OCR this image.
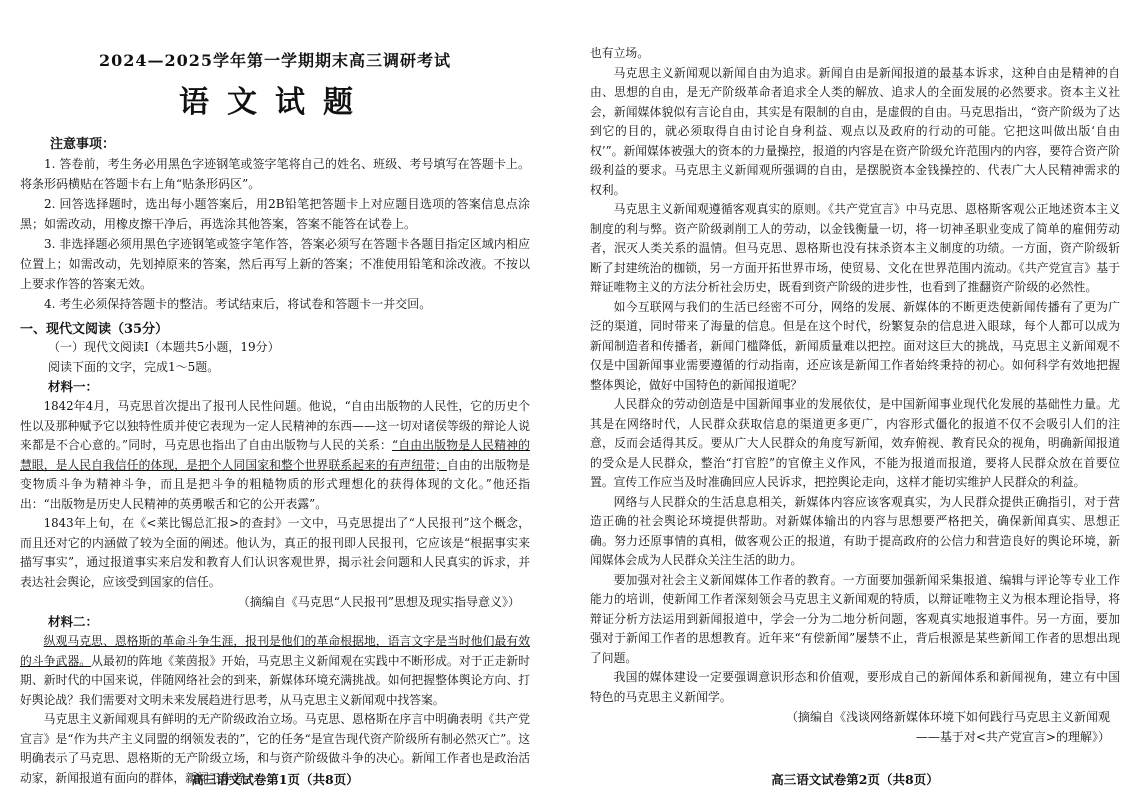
2024—2025学年第一学期期末高三调研考试
语文试题
注意事项：

1. 答卷前，考生务必用黑色字迹钢笔或签字笔将自己的姓名、班级、考号填写在答题卡上。将条形码横贴在答题卡右上角“贴条形码区”。

2. 回答选择题时，选出每小题答案后，用2B铅笔把答题卡上对应题目选项的答案信息点涂黑；如需改动，用橡皮擦干净后，再选涂其他答案，答案不能答在试卷上。

3. 非选择题必须用黑色字迹钢笔或签字笔作答，答案必须写在答题卡各题目指定区域内相应位置上；如需改动，先划掉原来的答案，然后再写上新的答案；不准使用铅笔和涂改液。不按以上要求作答的答案无效。

4. 考生必须保持答题卡的整洁。考试结束后，将试卷和答题卡一并交回。

一、现代文阅读（35分）
（一）现代文阅读Ⅰ（本题共5小题，19分）
阅读下面的文字，完成1～5题。
材料一：

1842年4月，马克思首次提出了报刊人民性问题。他说，“自由出版物的人民性，它的历史个性以及那种赋予它以独特性质并使它表现为一定人民精神的东西——这一切对诸侯等级的辩论人说来都是不合心意的。”同时，马克思也指出了自由出版物与人民的关系：“自由出版物是人民精神的慧眼，是人民自我信任的体现，是把个人同国家和整个世界联系起来的有声纽带；自由的出版物是变物质斗争为精神斗争，而且是把斗争的粗糙物质的形式理想化的获得体现的文化。”他还指出：“出版物是历史人民精神的英勇喉舌和它的公开表露”。

1843年上旬，在《<莱比锡总汇报>的查封》一文中，马克思提出了“人民报刊”这个概念，而且还对它的内涵做了较为全面的阐述。他认为，真正的报刊即人民报刊，它应该是“根据事实来描写事实”，通过报道事实来启发和教育人们认识客观世界，揭示社会问题和人民真实的诉求，并表达社会舆论，应该受到国家的信任。

（摘编自《马克思“人民报刊”思想及现实指导意义》）
材料二：

纵观马克思、恩格斯的革命斗争生涯，报刊是他们的革命根据地，语言文字是当时他们最有效的斗争武器。从最初的阵地《莱茵报》开始，马克思主义新闻观在实践中不断形成。对于正走新时期、新时代的中国来说，伴随网络社会的到来，新媒体环境充满挑战。如何把握整体舆论方向、打好舆论战？我们需要对文明未来发展趋进行思考，从马克思主义新闻观中找答案。

马克思主义新闻观具有鲜明的无产阶级政治立场。马克思、恩格斯在序言中明确表明《共产党宣言》是“作为共产主义同盟的纲领发表的”，它的任务“是宣告现代资产阶级所有制必然灭亡”。这明确表示了马克思、恩格斯的无产阶级立场，和与资产阶级做斗争的决心。新闻工作者也是政治活动家，新闻报道有面向的群体，新闻工作者

高三语文试卷第1页（共8页）

也有立场。

马克思主义新闻观以新闻自由为追求。新闻自由是新闻报道的最基本诉求，这种自由是精神的自由、思想的自由，是无产阶级革命者追求全人类的解放、追求人的全面发展的必然要求。资本主义社会，新闻媒体貌似有言论自由，其实是有限制的自由，是虚假的自由。马克思指出，“资产阶级为了达到它的目的，就必须取得自由讨论自身利益、观点以及政府的行动的可能。它把这叫做出版‘自由权’”。新闻媒体被强大的资本的力量操控，报道的内容是在资产阶级允许范围内的内容，要符合资产阶级利益的要求。马克思主义新闻观所强调的自由，是摆脱资本金钱操控的、代表广大人民精神需求的权利。

马克思主义新闻观遵循客观真实的原则。《共产党宣言》中马克思、恩格斯客观公正地述资本主义制度的利与弊。资产阶级剥削工人的劳动，以金钱衡量一切，将一切神圣职业变成了简单的雇佣劳动者，泯灭人类关系的温情。但马克思、恩格斯也没有抹杀资本主义制度的功绩。一方面，资产阶级斩断了封建统治的枷锁，另一方面开拓世界市场，使贸易、文化在世界范围内流动。《共产党宣言》基于辩证唯物主义的方法分析社会历史，既看到资产阶级的进步性，也看到了推翻资产阶级的必然性。

如今互联网与我们的生活已经密不可分，网络的发展、新媒体的不断更迭使新闻传播有了更为广泛的渠道，同时带来了海量的信息。但是在这个时代，纷繁复杂的信息进入眼球，每个人都可以成为新闻制造者和传播者，新闻门槛降低，新闻质量难以把控。面对这巨大的挑战，马克思主义新闻观不仅是中国新闻事业需要遵循的行动指南，还应该是新闻工作者始终秉持的初心。如何科学有效地把握整体舆论，做好中国特色的新闻报道呢？

人民群众的劳动创造是中国新闻事业的发展依仗，是中国新闻事业现代化发展的基础性力量。尤其是在网络时代，人民群众获取信息的渠道更多更广，内容形式僵化的报道不仅不会吸引人们的注意，反而会适得其反。要从广大人民群众的角度写新闻，效弃俯视、教育民众的视角，明确新闻报道的受众是人民群众，整治“打官腔”的官僚主义作风，不能为报道而报道，要将人民群众放在首要位置。宣传工作应当及时准确回应人民诉求，把控舆论走向，这样才能切实维护人民群众的利益。

网络与人民群众的生活息息相关，新媒体内容应该客观真实，为人民群众提供正确指引，对于营造正确的社会舆论环境提供帮助。对新媒体输出的内容与思想要严格把关，确保新闻真实、思想正确。努力还原事情的真相，做客观公正的报道，有助于提高政府的公信力和营造良好的舆论环境，新闻媒体会成为人民群众关注生活的助力。

要加强对社会主义新闻媒体工作者的教育。一方面要加强新闻采集报道、编辑与评论等专业工作能力的培训，使新闻工作者深刻领会马克思主义新闻观的特质，以辩证唯物主义为根本理论指导，将辩证分析方法运用到新闻报道中，学会一分为二地分析问题，客观真实地报道事件。另一方面，要加强对于新闻工作者的思想教育。近年来“有偿新闻”屡禁不止，背后根源是某些新闻工作者的思想出现了问题。

我国的媒体建设一定要强调意识形态和价值观，要形成自己的新闻体系和新闻视角，建立有中国特色的马克思主义新闻学。

（摘编自《浅谈网络新媒体环境下如何践行马克思主义新闻观
——基于对<共产党宣言>的理解》）
高三语文试卷第2页（共8页）
